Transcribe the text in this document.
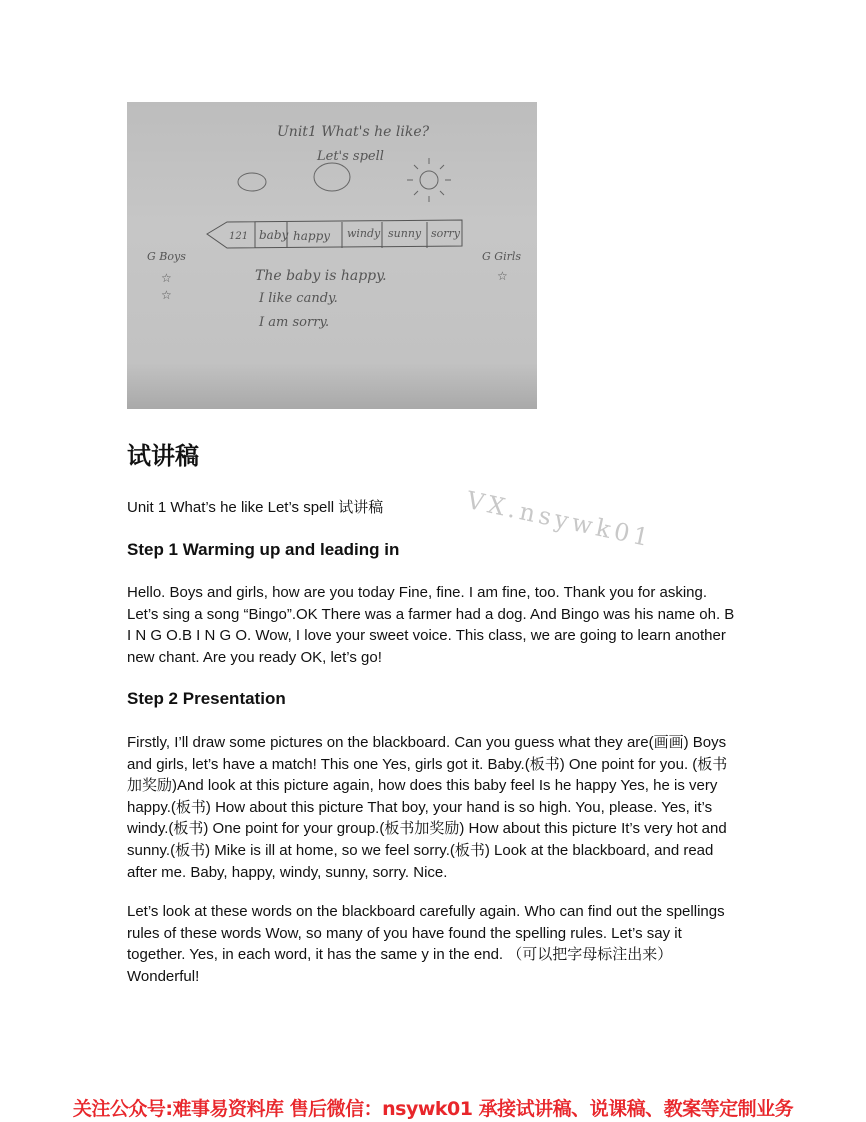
Unit1 What's he like?
Let's spell
121 baby happy windy sunny sorry
G Boys	G Girls
☆
☆
☆
The baby is happy.
I like candy.
I am sorry.
试讲稿
Unit 1 What’s he like Let’s spell 试讲稿	VX.nsywk01
Step 1 Warming up and leading in

Hello. Boys and girls, how are you today Fine, fine. I am fine, too. Thank you for asking. Let’s sing a song “Bingo”.OK There was a farmer had a dog. And Bingo was his name oh. B I N G O.B I N G O. Wow, I love your sweet voice. This class, we are going to learn another new chant. Are you ready OK, let’s go!

Step 2 Presentation

Firstly, I’ll draw some pictures on the blackboard. Can you guess what they are(画画) Boys and girls, let’s have a match! This one Yes, girls got it. Baby.(板书) One point for you. (板书加奖励)And look at this picture again, how does this baby feel Is he happy Yes, he is very happy.(板书) How about this picture That boy, your hand is so high. You, please. Yes, it’s windy.(板书) One point for your group.(板书加奖励) How about this picture It’s very hot and sunny.(板书) Mike is ill at home, so we feel sorry.(板书) Look at the blackboard, and read after me. Baby, happy, windy, sunny, sorry. Nice.

Let’s look at these words on the blackboard carefully again. Who can find out the spellings rules of these words Wow, so many of you have found the spelling rules. Let’s say it together. Yes, in each word, it has the same y in the end. （可以把字母标注出来）Wonderful!

关注公众号:难事易资料库 售后微信：nsywk01 承接试讲稿、说课稿、教案等定制业务
